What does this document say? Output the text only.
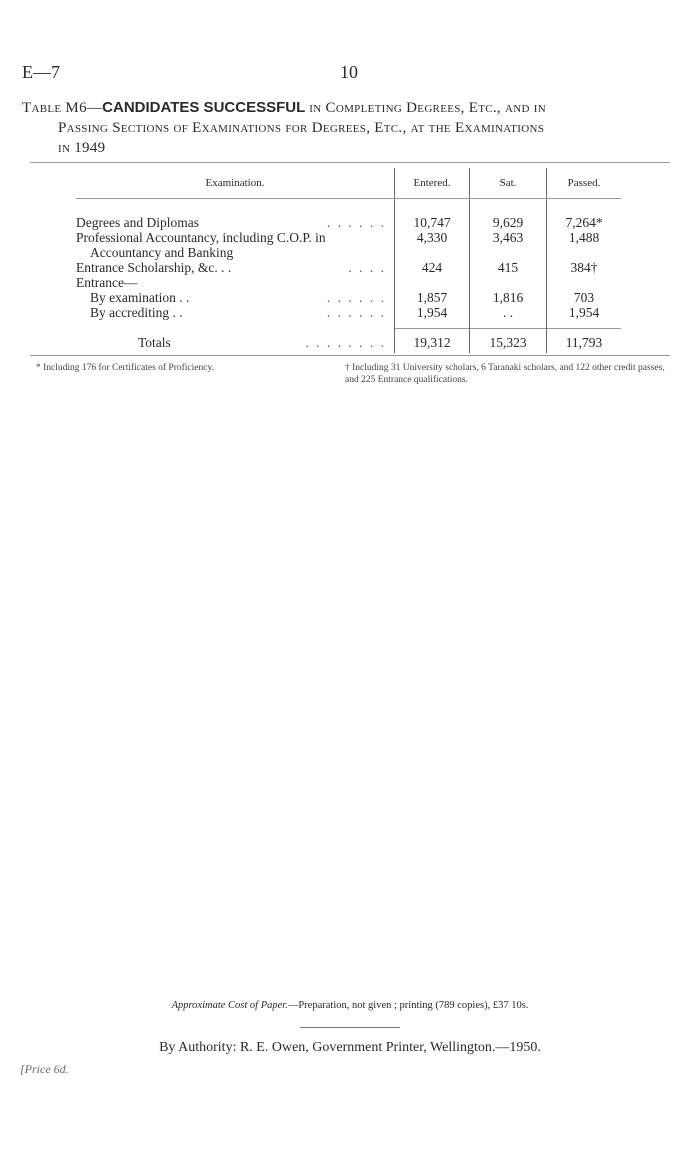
E—7	10
Table M6—CANDIDATES SUCCESSFUL in Completing Degrees, Etc., and in
Passing Sections of Examinations for Degrees, Etc., at the Examinations
in 1949
Examination.	Entered.	Sat.	Passed.

Degrees and Diplomas . . . . . .	10,747	9,629	7,264*

Professional Accountancy, including C.O.P. in	4,330	3,463	1,488

Accountancy and Banking			

Entrance Scholarship, &c. . . . . . .	424	415	384†

Entrance—			

By examination . . . . . . . .	1,857	1,816	703

By accrediting . . . . . . . .	1,954	. .	1,954

Totals . . . . . . . .	19,312	15,323	11,793
* Including 176 for Certificates of Proficiency.	† Including 31 University scholars, 6 Taranaki scholars, and 122 other credit passes, and 225 Entrance qualifications.
Approximate Cost of Paper.—Preparation, not given ; printing (789 copies), £37 10s.
By Authority: R. E. Owen, Government Printer, Wellington.—1950.
[Price 6d.
